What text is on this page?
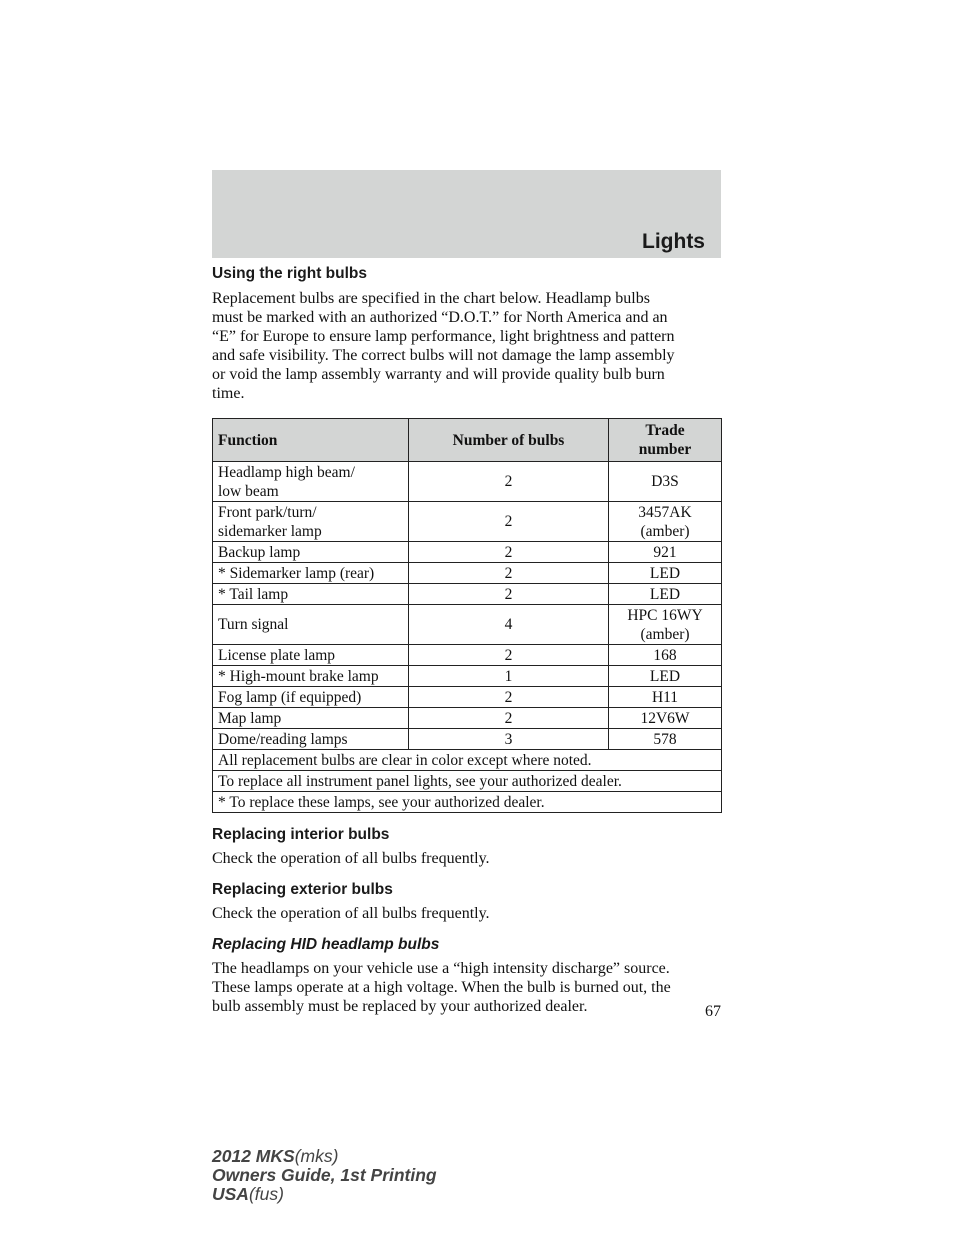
Lights
Using the right bulbs

Replacement bulbs are specified in the chart below. Headlamp bulbs
must be marked with an authorized “D.O.T.” for North America and an
“E” for Europe to ensure lamp performance, light brightness and pattern
and safe visibility. The correct bulbs will not damage the lamp assembly
or void the lamp assembly warranty and will provide quality bulb burn
time.

Function	Number of bulbs	Trade
number
Headlamp high beam/
low beam	2	D3S
Front park/turn/
sidemarker lamp	2	3457AK
(amber)
Backup lamp	2	921
* Sidemarker lamp (rear)	2	LED
* Tail lamp	2	LED
Turn signal	4	HPC 16WY
(amber)
License plate lamp	2	168
* High-mount brake lamp	1	LED
Fog lamp (if equipped)	2	H11
Map lamp	2	12V6W
Dome/reading lamps	3	578
All replacement bulbs are clear in color except where noted.		
To replace all instrument panel lights, see your authorized dealer.		
* To replace these lamps, see your authorized dealer.		
Replacing interior bulbs

Check the operation of all bulbs frequently.

Replacing exterior bulbs

Check the operation of all bulbs frequently.

Replacing HID headlamp bulbs

The headlamps on your vehicle use a “high intensity discharge” source.
These lamps operate at a high voltage. When the bulb is burned out, the
bulb assembly must be replaced by your authorized dealer.	67
2012 MKS(mks)
Owners Guide, 1st Printing
USA(fus)
